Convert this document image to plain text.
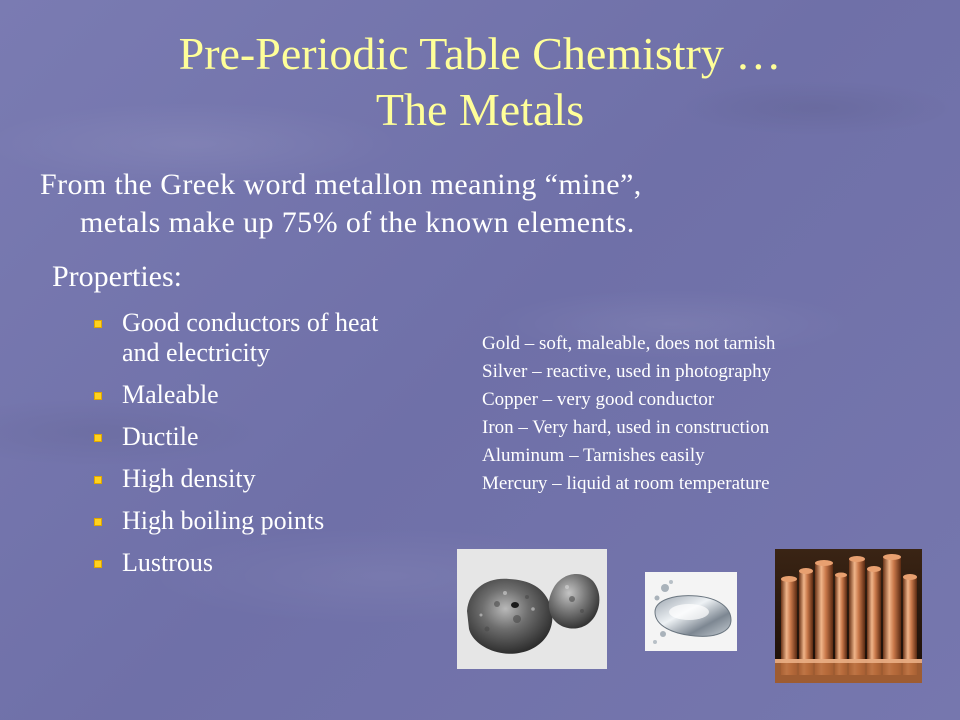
Pre-Periodic Table Chemistry …
The Metals
From the Greek word metallon meaning “mine”,
metals make up 75% of the known elements.
Properties:
Good conductors of heat and electricity
Maleable
Ductile
High density
High boiling points
Lustrous
Gold – soft, maleable, does not tarnish
Silver – reactive, used in photography
Copper – very good conductor
Iron – Very hard, used in construction
Aluminum – Tarnishes easily
Mercury – liquid at room temperature
